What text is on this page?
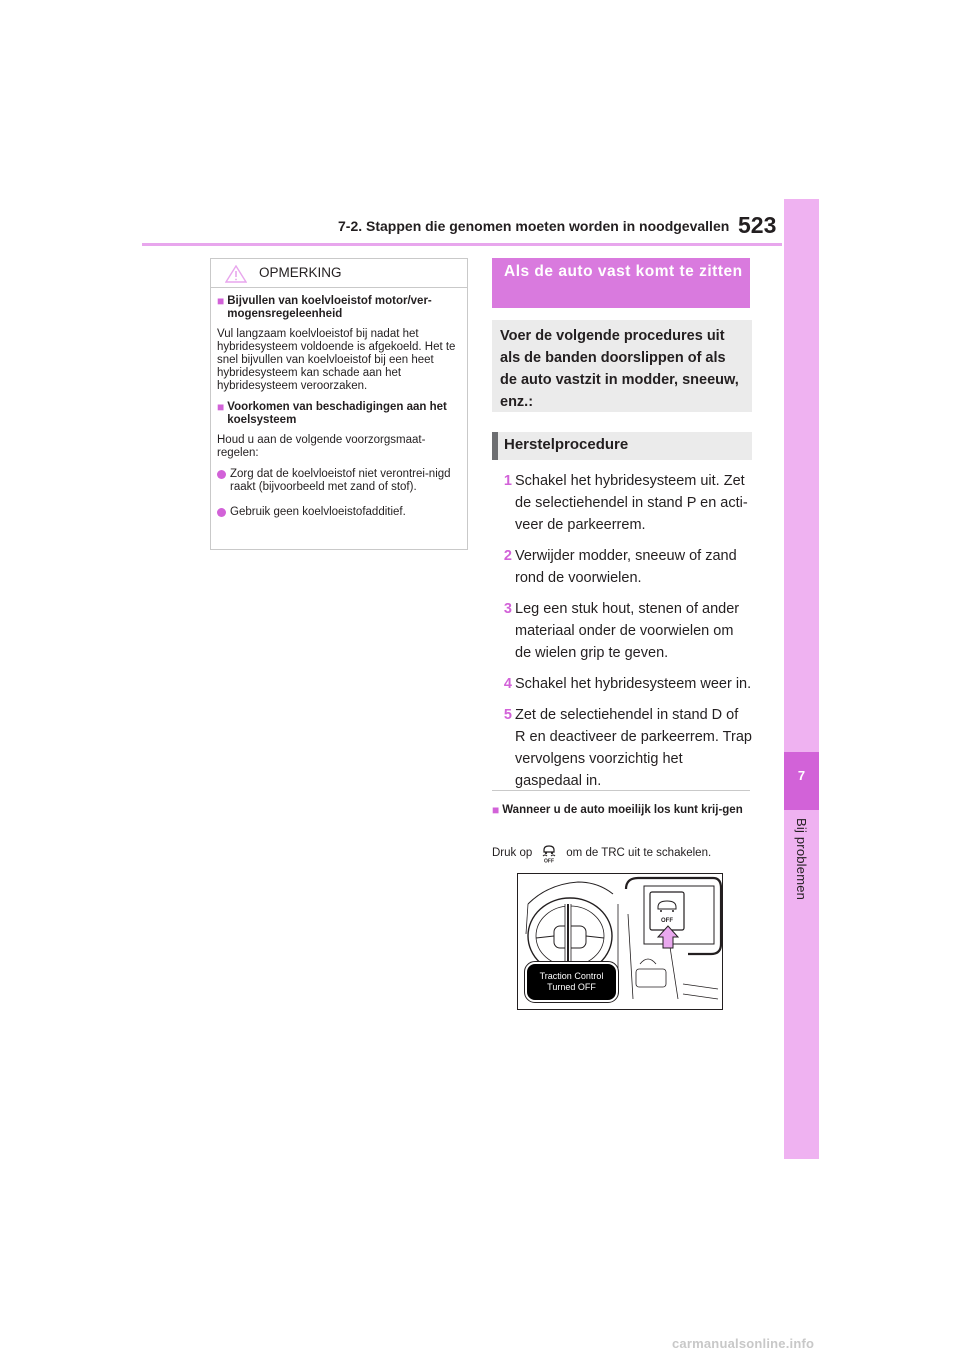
7-2. Stappen die genomen moeten worden in noodgevallen 523
7
Bij problemen
OPMERKING
■ Bijvullen van koelvloeistof motor/ver-mogensregeleenheid
Vul langzaam koelvloeistof bij nadat het hybridesysteem voldoende is afgekoeld. Het te snel bijvullen van koelvloeistof bij een heet hybridesysteem kan schade aan het hybridesysteem veroorzaken.
■ Voorkomen van beschadigingen aan het koelsysteem
Houd u aan de volgende voorzorgsmaat-regelen:
Zorg dat de koelvloeistof niet verontrei-nigd raakt (bijvoorbeeld met zand of stof).
Gebruik geen koelvloeistofadditief.
Als de auto vast komt te zitten
Voer de volgende procedures uit als de banden doorslippen of als de auto vastzit in modder, sneeuw, enz.:
Herstelprocedure
1 Schakel het hybridesysteem uit. Zet de selectiehendel in stand P en acti-veer de parkeerrem.
2 Verwijder modder, sneeuw of zand rond de voorwielen.
3 Leg een stuk hout, stenen of ander materiaal onder de voorwielen om de wielen grip te geven.
4 Schakel het hybridesysteem weer in.
5 Zet de selectiehendel in stand D of R en deactiveer de parkeerrem. Trap vervolgens voorzichtig het gaspedaal in.
■ Wanneer u de auto moeilijk los kunt krij-gen
Druk op
OFF
om de TRC uit te schakelen.
OFF
Traction Control
Turned OFF
carmanualsonline.info
